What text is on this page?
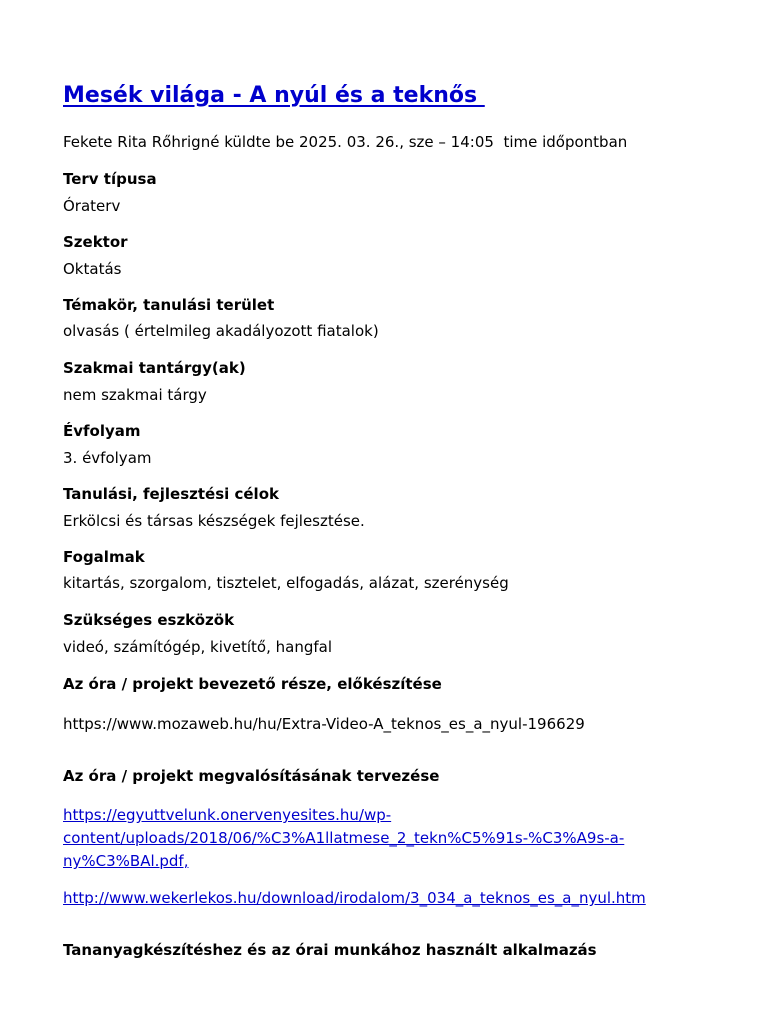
Mesék világa - A nyúl és a teknős
Fekete Rita Rőhrigné küldte be 2025. 03. 26., sze – 14:05  time időpontban
Terv típusa
Óraterv
Szektor
Oktatás
Témakör, tanulási terület
olvasás ( értelmileg akadályozott fiatalok)
Szakmai tantárgy(ak)
nem szakmai tárgy
Évfolyam
3. évfolyam
Tanulási, fejlesztési célok
Erkölcsi és társas készségek fejlesztése.
Fogalmak
kitartás, szorgalom, tisztelet, elfogadás, alázat, szerénység
Szükséges eszközök
videó, számítógép, kivetítő, hangfal
Az óra / projekt bevezető része, előkészítése
https://www.mozaweb.hu/hu/Extra-Video-A_teknos_es_a_nyul-196629
Az óra / projekt megvalósításának tervezése
https://egyuttvelunk.onervenyesites.hu/wp-
content/uploads/2018/06/%C3%A1llatmese_2_tekn%C5%91s-%C3%A9s-a-
ny%C3%BAl.pdf,
http://www.wekerlekos.hu/download/irodalom/3_034_a_teknos_es_a_nyul.htm
Tananyagkészítéshez és az órai munkához használt alkalmazás
